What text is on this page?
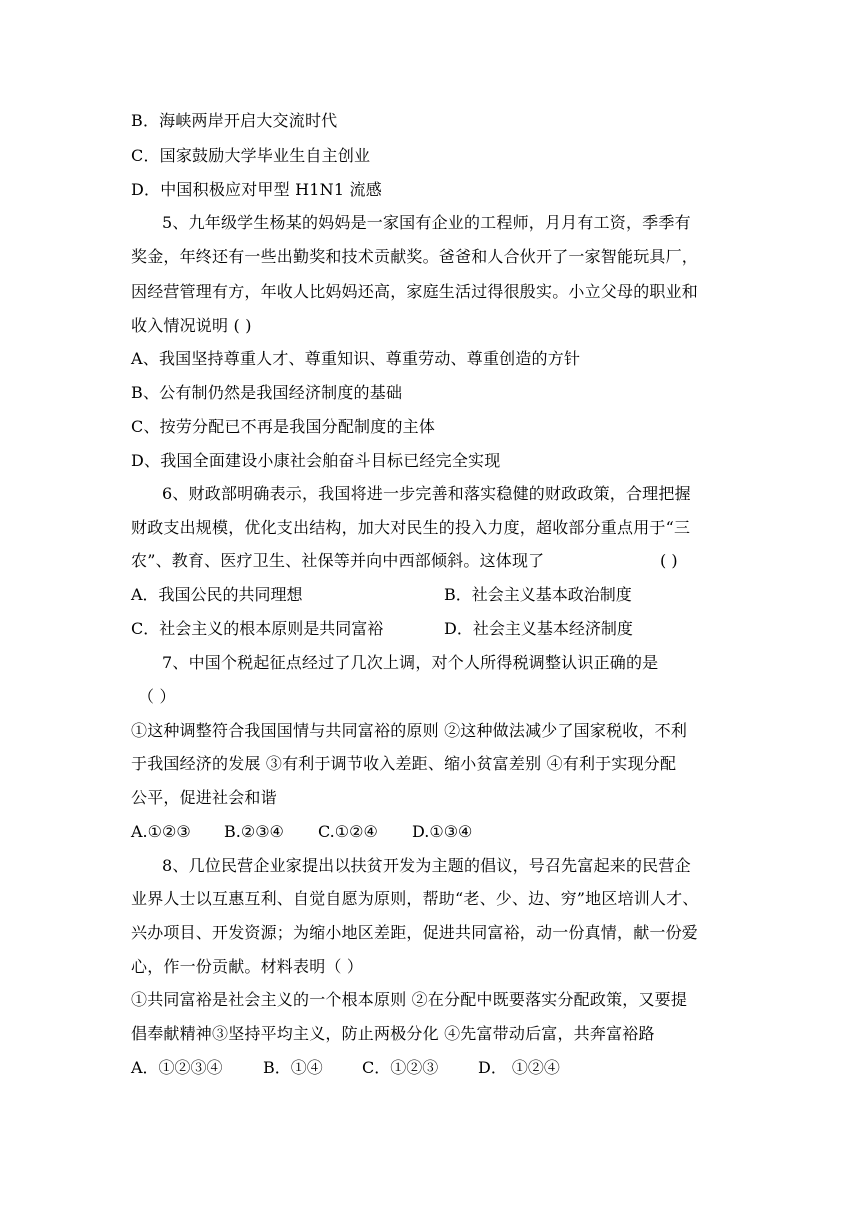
B．海峡两岸开启大交流时代
C．国家鼓励大学毕业生自主创业
D．中国积极应对甲型 H1N1 流感
5、九年级学生杨某的妈妈是一家国有企业的工程师，月月有工资，季季有
奖金，年终还有一些出勤奖和技术贡献奖。爸爸和人合伙开了一家智能玩具厂，
因经营管理有方，年收人比妈妈还高，家庭生活过得很殷实。小立父母的职业和
收入情况说明 ( )
A、我国坚持尊重人才、尊重知识、尊重劳动、尊重创造的方针
B、公有制仍然是我国经济制度的基础
C、按劳分配已不再是我国分配制度的主体
D、我国全面建设小康社会舶奋斗目标已经完全实现
6、财政部明确表示，我国将进一步完善和落实稳健的财政政策，合理把握
财政支出规模，优化支出结构，加大对民生的投入力度，超收部分重点用于“三
农”、教育、医疗卫生、社保等并向中西部倾斜。这体现了	( )
A．我国公民的共同理想	B．社会主义基本政治制度
C．社会主义的根本原则是共同富裕	D．社会主义基本经济制度
7、中国个税起征点经过了几次上调，对个人所得税调整认识正确的是
（ ）
①这种调整符合我国国情与共同富裕的原则 ②这种做法减少了国家税收，不利
于我国经济的发展 ③有利于调节收入差距、缩小贫富差别 ④有利于实现分配
公平，促进社会和谐
A.①②③ B.②③④ C.①②④ D.①③④
8、几位民营企业家提出以扶贫开发为主题的倡议，号召先富起来的民营企
业界人士以互惠互利、自觉自愿为原则，帮助“老、少、边、穷”地区培训人才、
兴办项目、开发资源；为缩小地区差距，促进共同富裕，动一份真情，献一份爱
心，作一份贡献。材料表明（ ）
①共同富裕是社会主义的一个根本原则 ②在分配中既要落实分配政策，又要提
倡奉献精神③坚持平均主义，防止两极分化 ④先富带动后富，共奔富裕路
A．①②③④	B．①④ C．①②③ D． ①②④
